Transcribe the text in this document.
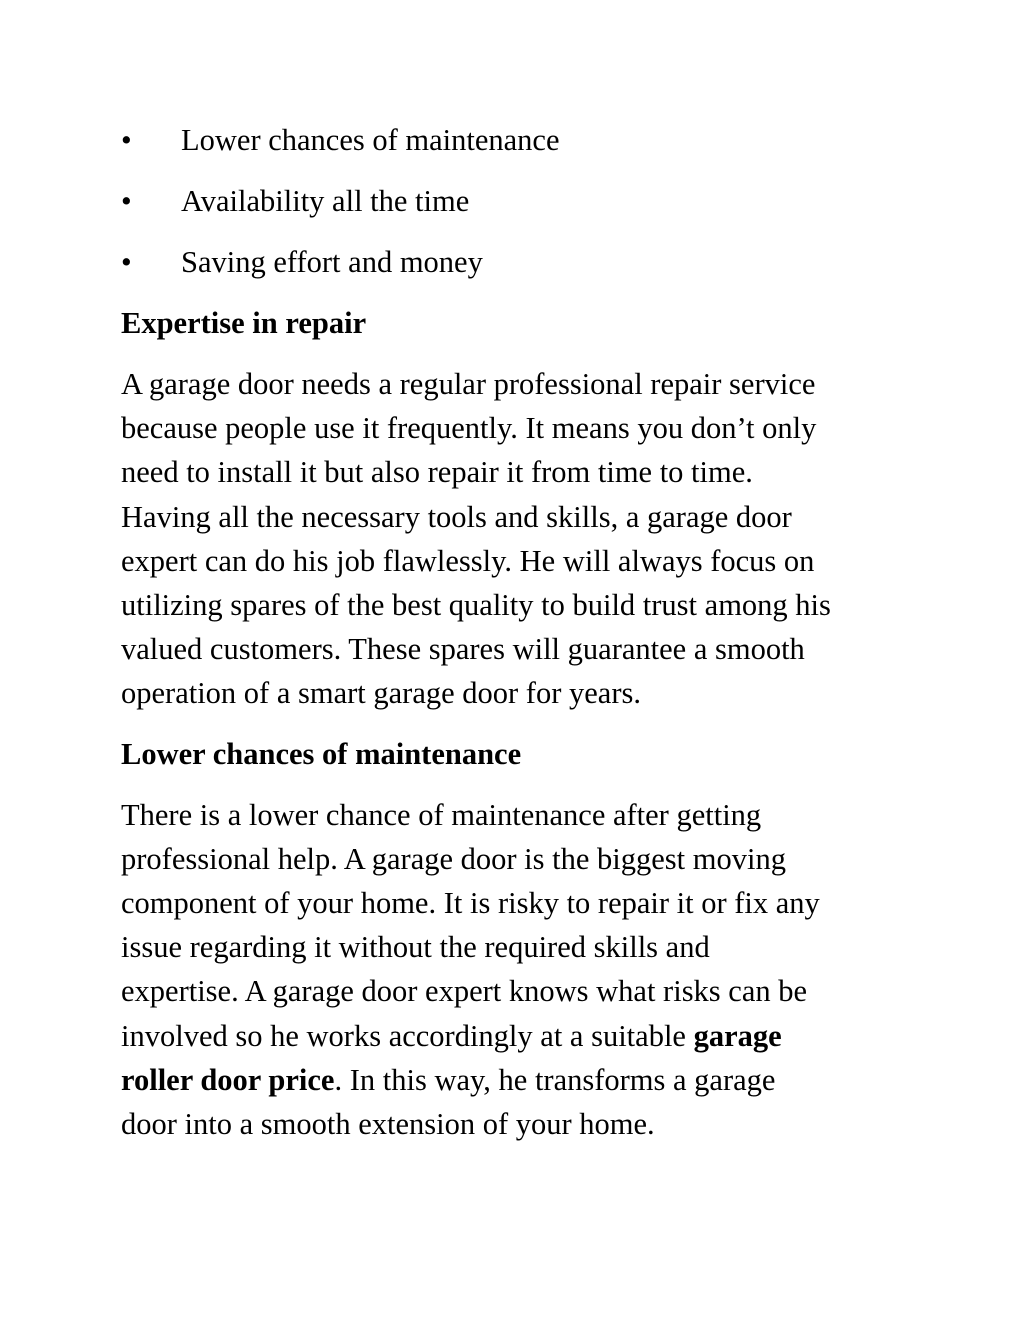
•	Lower chances of maintenance
•	Availability all the time
•	Saving effort and money
Expertise in repair

A garage door needs a regular professional repair service
because people use it frequently. It means you don’t only
need to install it but also repair it from time to time.
Having all the necessary tools and skills, a garage door
expert can do his job flawlessly. He will always focus on
utilizing spares of the best quality to build trust among his
valued customers. These spares will guarantee a smooth
operation of a smart garage door for years.

Lower chances of maintenance

There is a lower chance of maintenance after getting
professional help. A garage door is the biggest moving
component of your home. It is risky to repair it or fix any
issue regarding it without the required skills and
expertise. A garage door expert knows what risks can be
involved so he works accordingly at a suitable garage
roller door price. In this way, he transforms a garage
door into a smooth extension of your home.
